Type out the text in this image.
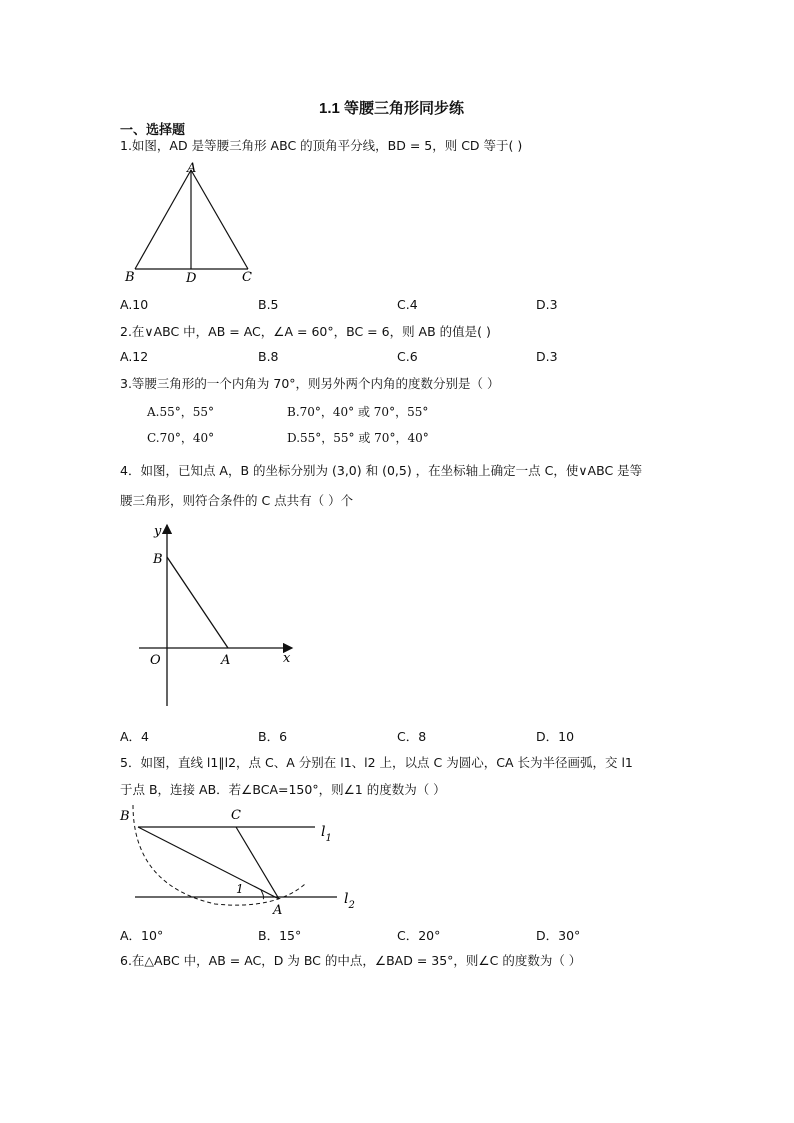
1.1 等腰三角形同步练
一、选择题
1.如图，AD 是等腰三角形 ABC 的顶角平分线，BD = 5，则 CD 等于( )
A
B	D	C
A.10	B.5	C.4	D.3
2.在∨ABC 中，AB = AC，∠A = 60°，BC = 6，则 AB 的值是( )
A.12	B.8	C.6	D.3
3.等腰三角形的一个内角为 70°，则另外两个内角的度数分别是（ ）
A.55°，55°	B.70°，40° 或 70°，55°
C.70°，40°	D.55°，55° 或 70°，40°
4．如图，已知点 A，B 的坐标分别为 (3,0) 和 (0,5) ，在坐标轴上确定一点 C，使∨ABC 是等
腰三角形，则符合条件的 C 点共有（ ）个
y
B
O	A	x
A．4	B．6	C．8	D．10
5．如图，直线 l1∥l2，点 C、A 分别在 l1、l2 上，以点 C 为圆心，CA 长为半径画弧，交 l1
于点 B，连接 AB．若∠BCA=150°，则∠1 的度数为（ ）
B	C
A
1
$l_1$
$l_2$
A．10°	B．15°	C．20°	D．30°
6.在△ABC 中，AB = AC，D 为 BC 的中点，∠BAD = 35°，则∠C 的度数为（ ）
